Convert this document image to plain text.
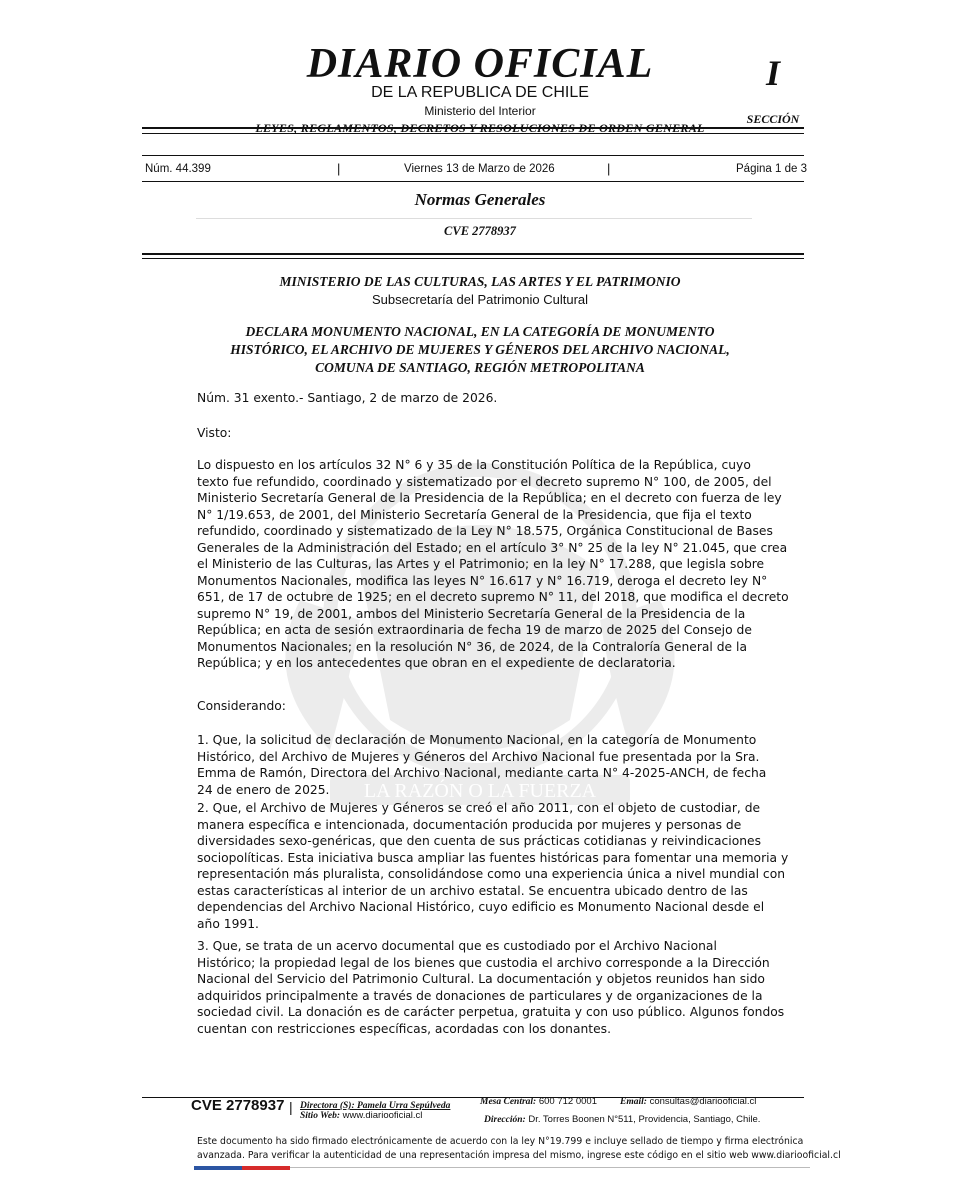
DIARIO OFICIAL
DE LA REPUBLICA DE CHILE
Ministerio del Interior
I
SECCIÓN
LEYES, REGLAMENTOS, DECRETOS Y RESOLUCIONES DE ORDEN GENERAL
Núm. 44.399	|	Viernes 13 de Marzo de 2026	|	Página 1 de 3
Normas Generales
CVE 2778937
LA RAZÓN O LA FUERZA
MINISTERIO DE LAS CULTURAS, LAS ARTES Y EL PATRIMONIO
Subsecretaría del Patrimonio Cultural
DECLARA MONUMENTO NACIONAL, EN LA CATEGORÍA DE MONUMENTO
HISTÓRICO, EL ARCHIVO DE MUJERES Y GÉNEROS DEL ARCHIVO NACIONAL,
COMUNA DE SANTIAGO, REGIÓN METROPOLITANA
Núm. 31 exento.- Santiago, 2 de marzo de 2026.
Visto:
Lo dispuesto en los artículos 32 N° 6 y 35 de la Constitución Política de la República, cuyo
texto fue refundido, coordinado y sistematizado por el decreto supremo N° 100, de 2005, del
Ministerio Secretaría General de la Presidencia de la República; en el decreto con fuerza de ley
N° 1/19.653, de 2001, del Ministerio Secretaría General de la Presidencia, que fija el texto
refundido, coordinado y sistematizado de la Ley N° 18.575, Orgánica Constitucional de Bases
Generales de la Administración del Estado; en el artículo 3° N° 25 de la ley N° 21.045, que crea
el Ministerio de las Culturas, las Artes y el Patrimonio; en la ley N° 17.288, que legisla sobre
Monumentos Nacionales, modifica las leyes N° 16.617 y N° 16.719, deroga el decreto ley N°
651, de 17 de octubre de 1925; en el decreto supremo N° 11, del 2018, que modifica el decreto
supremo N° 19, de 2001, ambos del Ministerio Secretaría General de la Presidencia de la
República; en acta de sesión extraordinaria de fecha 19 de marzo de 2025 del Consejo de
Monumentos Nacionales; en la resolución N° 36, de 2024, de la Contraloría General de la
República; y en los antecedentes que obran en el expediente de declaratoria.
Considerando:
1. Que, la solicitud de declaración de Monumento Nacional, en la categoría de Monumento
Histórico, del Archivo de Mujeres y Géneros del Archivo Nacional fue presentada por la Sra.
Emma de Ramón, Directora del Archivo Nacional, mediante carta N° 4-2025-ANCH, de fecha
24 de enero de 2025.
2. Que, el Archivo de Mujeres y Géneros se creó el año 2011, con el objeto de custodiar, de
manera específica e intencionada, documentación producida por mujeres y personas de
diversidades sexo-genéricas, que den cuenta de sus prácticas cotidianas y reivindicaciones
sociopolíticas. Esta iniciativa busca ampliar las fuentes históricas para fomentar una memoria y
representación más pluralista, consolidándose como una experiencia única a nivel mundial con
estas características al interior de un archivo estatal. Se encuentra ubicado dentro de las
dependencias del Archivo Nacional Histórico, cuyo edificio es Monumento Nacional desde el
año 1991.
3. Que, se trata de un acervo documental que es custodiado por el Archivo Nacional
Histórico; la propiedad legal de los bienes que custodia el archivo corresponde a la Dirección
Nacional del Servicio del Patrimonio Cultural. La documentación y objetos reunidos han sido
adquiridos principalmente a través de donaciones de particulares y de organizaciones de la
sociedad civil. La donación es de carácter perpetua, gratuita y con uso público. Algunos fondos
cuentan con restricciones específicas, acordadas con los donantes.
CVE 2778937 | Directora (S): Pamela Urra Sepúlveda
Sitio Web: www.diariooficial.cl
Mesa Central: 600 712 0001 Email: consultas@diariooficial.cl
Dirección: Dr. Torres Boonen N°511, Providencia, Santiago, Chile.
Este documento ha sido firmado electrónicamente de acuerdo con la ley N°19.799 e incluye sellado de tiempo y firma electrónica
avanzada. Para verificar la autenticidad de una representación impresa del mismo, ingrese este código en el sitio web www.diariooficial.cl
